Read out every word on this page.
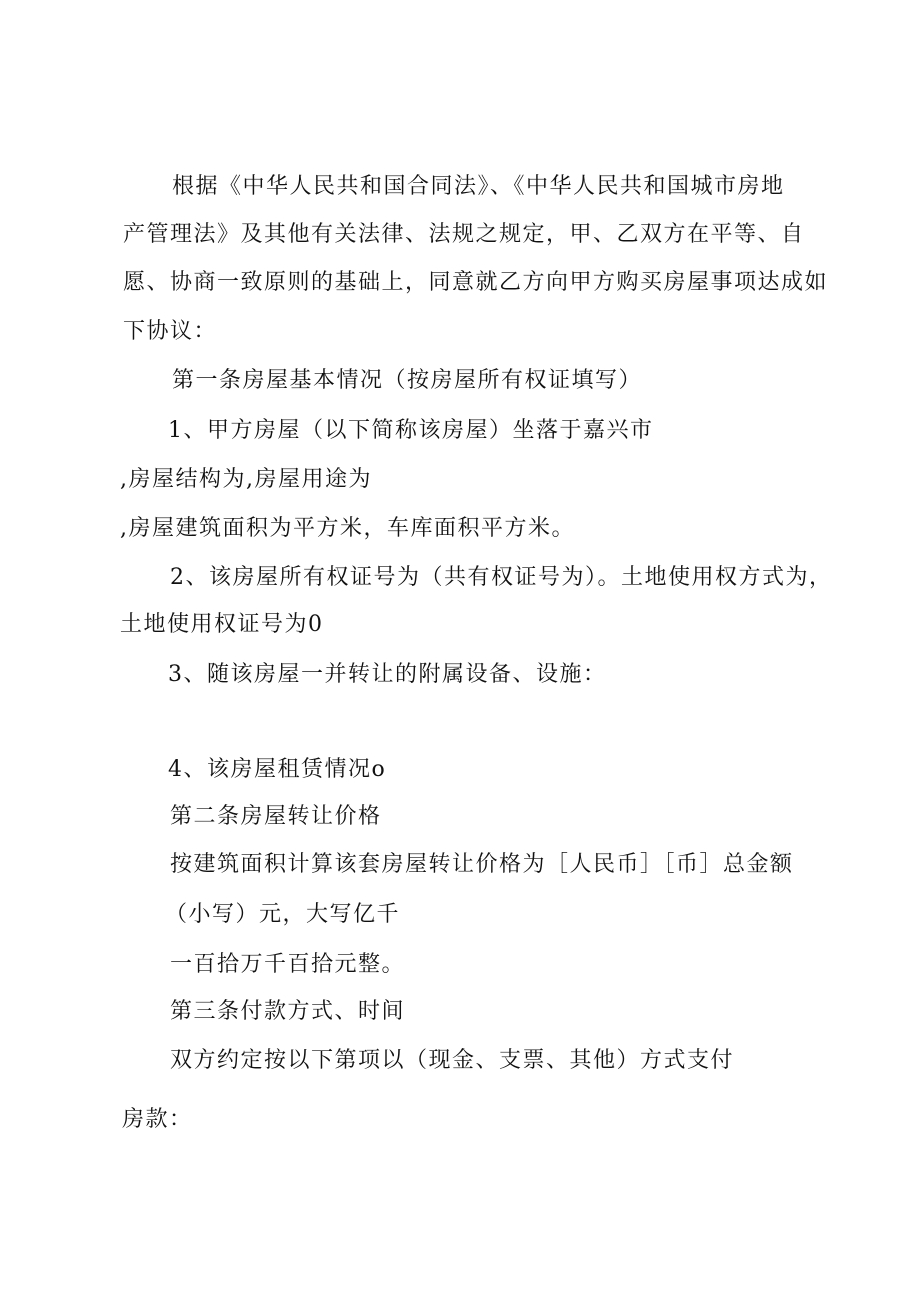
根据《中华人民共和国合同法》、《中华人民共和国城市房地
产管理法》及其他有关法律、法规之规定，甲、乙双方在平等、自
愿、协商一致原则的基础上，同意就乙方向甲方购买房屋事项达成如
下协议：
第一条房屋基本情况（按房屋所有权证填写）
1、甲方房屋（以下简称该房屋）坐落于嘉兴市
,房屋结构为,房屋用途为
,房屋建筑面积为平方米，车库面积平方米。
2、该房屋所有权证号为（共有权证号为）。土地使用权方式为，
土地使用权证号为0
3、随该房屋一并转让的附属设备、设施：
4、该房屋租赁情况o
第二条房屋转让价格
按建筑面积计算该套房屋转让价格为［人民币］［币］总金额
（小写）元，大写亿千
一百拾万千百拾元整。
第三条付款方式、时间
双方约定按以下第项以（现金、支票、其他）方式支付
房款：
